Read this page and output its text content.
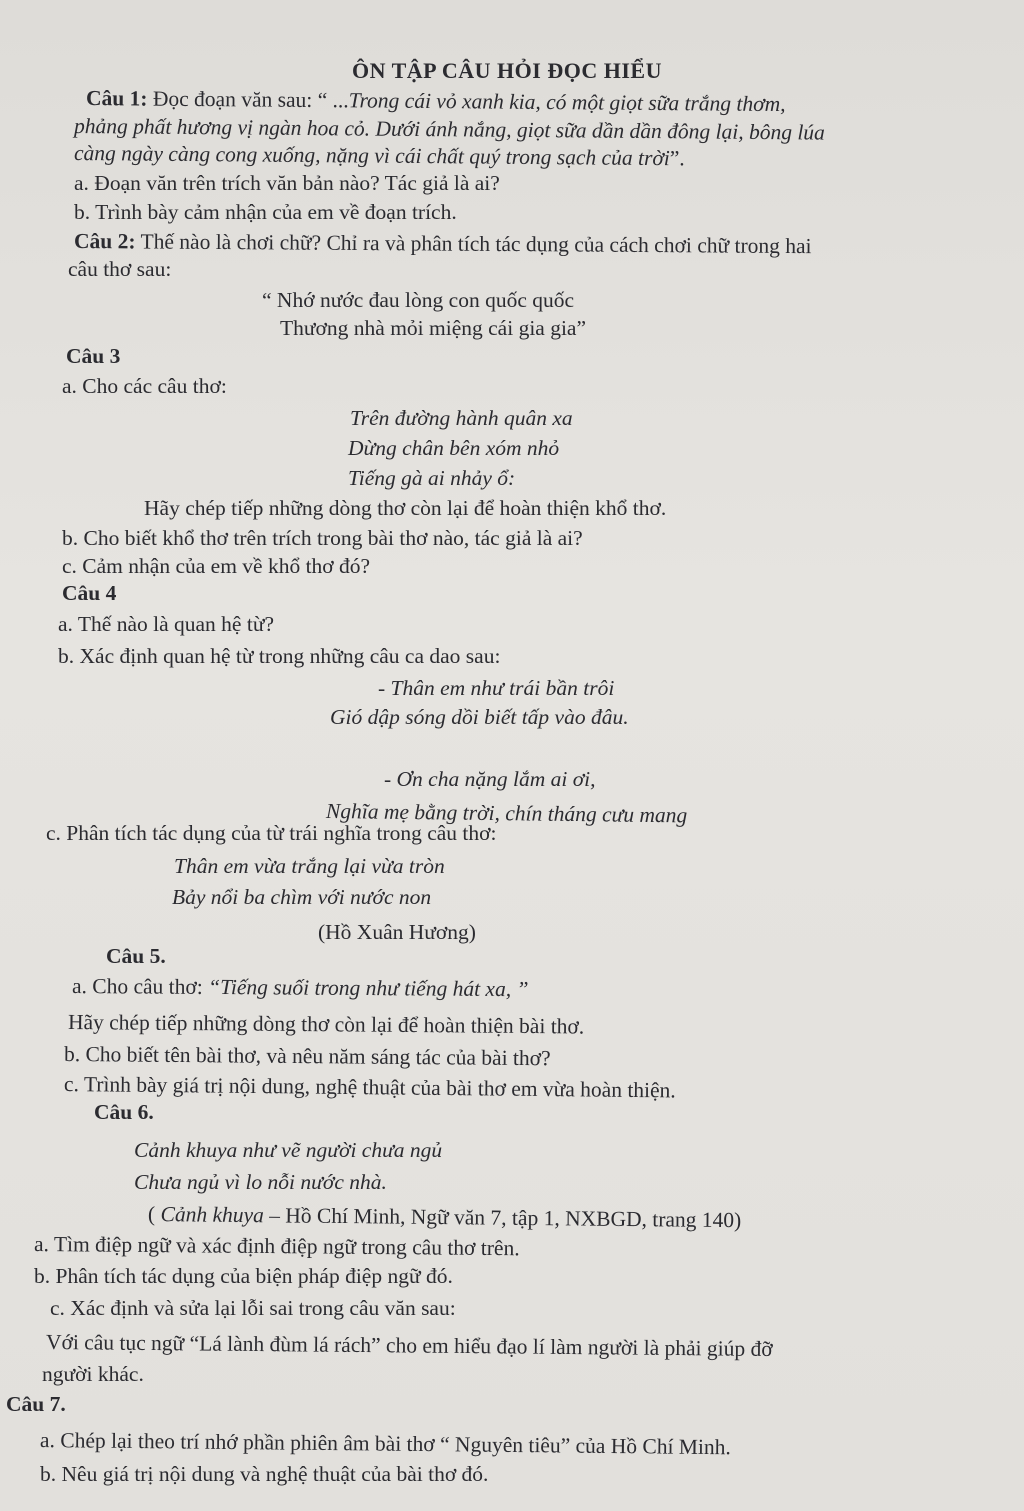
ÔN TẬP CÂU HỎI ĐỌC HIỂU
Câu 1: Đọc đoạn văn sau: “ ...Trong cái vỏ xanh kia, có một giọt sữa trắng thơm,
phảng phất hương vị ngàn hoa cỏ. Dưới ánh nắng, giọt sữa dần dần đông lại, bông lúa
càng ngày càng cong xuống, nặng vì cái chất quý trong sạch của trời”.
a. Đoạn văn trên trích văn bản nào? Tác giả là ai?
b. Trình bày cảm nhận của em về đoạn trích.
Câu 2: Thế nào là chơi chữ? Chỉ ra và phân tích tác dụng của cách chơi chữ trong hai
câu thơ sau:
“ Nhớ nước đau lòng con quốc quốc
Thương nhà mỏi miệng cái gia gia”
Câu 3
a. Cho các câu thơ:
Trên đường hành quân xa
Dừng chân bên xóm nhỏ
Tiếng gà ai nhảy ổ:
Hãy chép tiếp những dòng thơ còn lại để hoàn thiện khổ thơ.
b. Cho biết khổ thơ trên trích trong bài thơ nào, tác giả là ai?
c. Cảm nhận của em về khổ thơ đó?
Câu 4
a. Thế nào là quan hệ từ?
b. Xác định quan hệ từ trong những câu ca dao sau:
- Thân em như trái bần trôi
Gió dập sóng dồi biết tấp vào đâu.
- Ơn cha nặng lắm ai ơi,
Nghĩa mẹ bằng trời, chín tháng cưu mang
c. Phân tích tác dụng của từ trái nghĩa trong câu thơ:
Thân em vừa trắng lại vừa tròn
Bảy nổi ba chìm với nước non
(Hồ Xuân Hương)
Câu 5.
a. Cho câu thơ: “Tiếng suối trong như tiếng hát xa, ”
Hãy chép tiếp những dòng thơ còn lại để hoàn thiện bài thơ.
b. Cho biết tên bài thơ, và nêu năm sáng tác của bài thơ?
c. Trình bày giá trị nội dung, nghệ thuật của bài thơ em vừa hoàn thiện.
Câu 6.
Cảnh khuya như vẽ người chưa ngủ
Chưa ngủ vì lo nỗi nước nhà.
( Cảnh khuya – Hồ Chí Minh, Ngữ văn 7, tập 1, NXBGD, trang 140)
a. Tìm điệp ngữ và xác định điệp ngữ trong câu thơ trên.
b. Phân tích tác dụng của biện pháp điệp ngữ đó.
c. Xác định và sửa lại lỗi sai trong câu văn sau:
Với câu tục ngữ “Lá lành đùm lá rách” cho em hiểu đạo lí làm người là phải giúp đỡ
người khác.
Câu 7.
a. Chép lại theo trí nhớ phần phiên âm bài thơ “ Nguyên tiêu” của Hồ Chí Minh.
b. Nêu giá trị nội dung và nghệ thuật của bài thơ đó.
